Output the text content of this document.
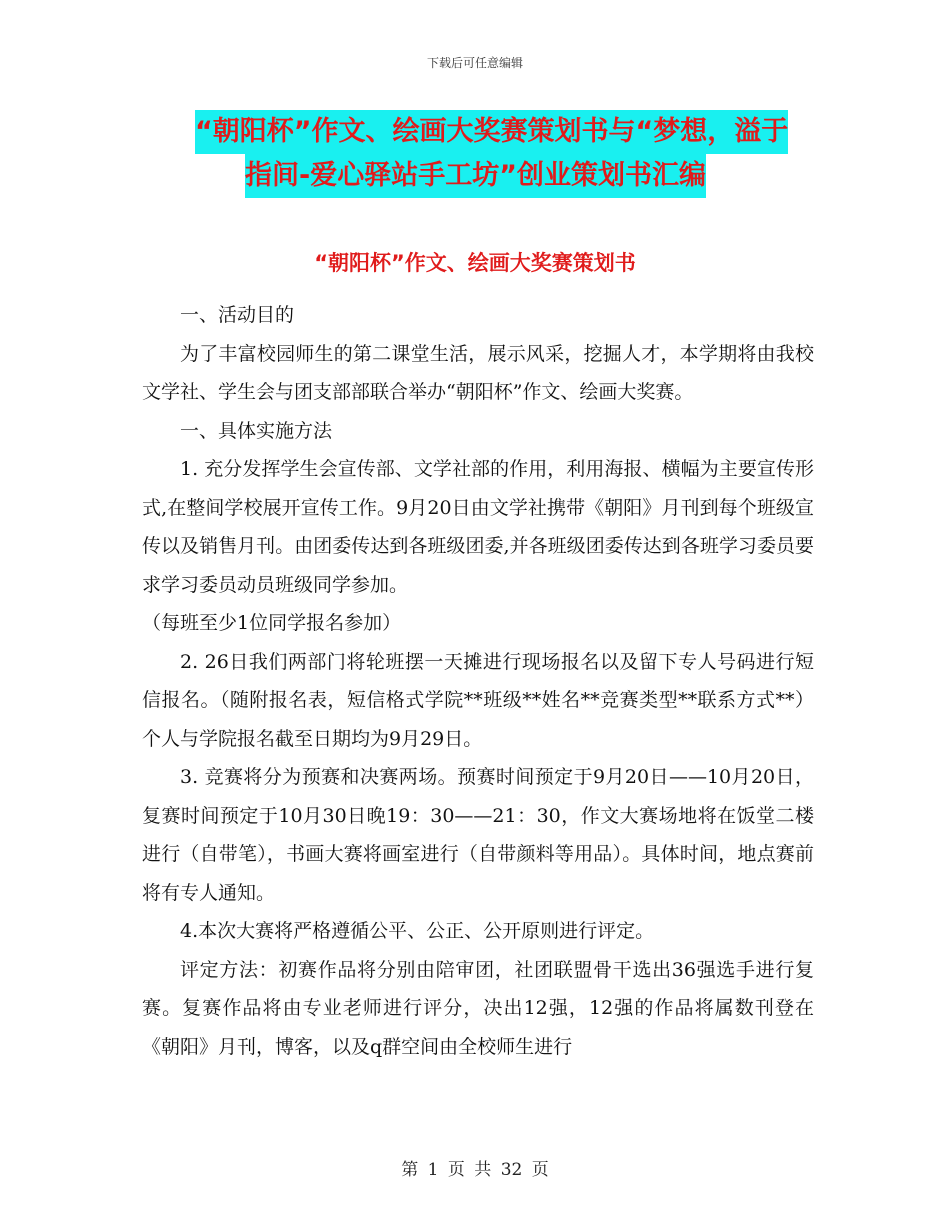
下载后可任意编辑
“朝阳杯”作文、绘画大奖赛策划书与“梦想，溢于
指间-爱心驿站手工坊”创业策划书汇编
“朝阳杯”作文、绘画大奖赛策划书

一、活动目的

为了丰富校园师生的第二课堂生活，展示风采，挖掘人才，本学期将由我校文学社、学生会与团支部部联合举办“朝阳杯”作文、绘画大奖赛。

一、具体实施方法

1. 充分发挥学生会宣传部、文学社部的作用，利用海报、横幅为主要宣传形式,在整间学校展开宣传工作。9月20日由文学社携带《朝阳》月刊到每个班级宣传以及销售月刊。由团委传达到各班级团委,并各班级团委传达到各班学习委员要求学习委员动员班级同学参加。

（每班至少1位同学报名参加）

2. 26日我们两部门将轮班摆一天摊进行现场报名以及留下专人号码进行短信报名。（随附报名表，短信格式学院**班级**姓名**竞赛类型**联系方式**）个人与学院报名截至日期均为9月29日。

3. 竞赛将分为预赛和决赛两场。预赛时间预定于9月20日——10月20日，复赛时间预定于10月30日晚19：30——21：30，作文大赛场地将在饭堂二楼进行（自带笔），书画大赛将画室进行（自带颜料等用品）。具体时间，地点赛前将有专人通知。

4.本次大赛将严格遵循公平、公正、公开原则进行评定。

评定方法：初赛作品将分别由陪审团，社团联盟骨干选出36强选手进行复赛。复赛作品将由专业老师进行评分，决出12强，12强的作品将属数刊登在《朝阳》月刊，博客，以及q群空间由全校师生进行

第 1 页 共 32 页
